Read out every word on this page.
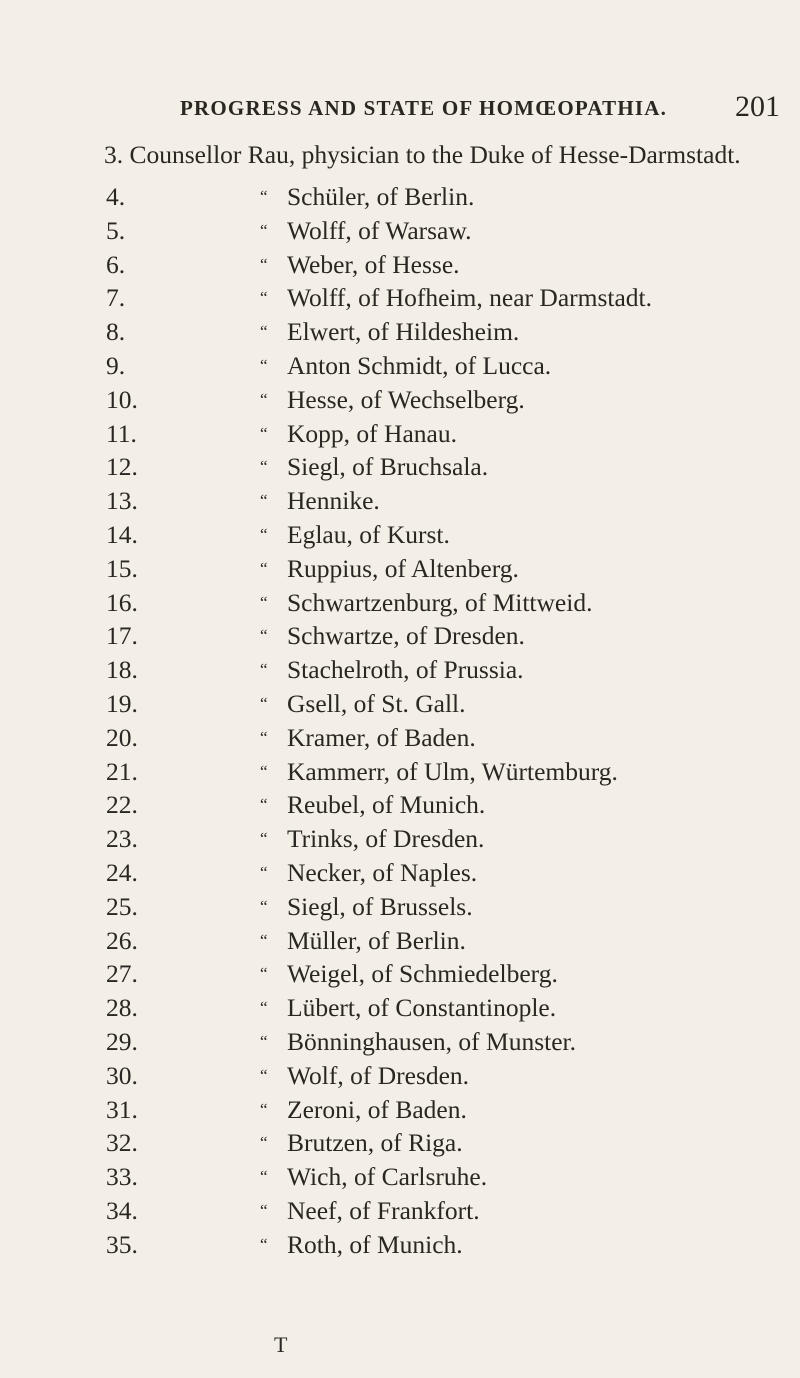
PROGRESS AND STATE OF HOMŒOPATHIA. 201
3. Counsellor Rau, physician to the Duke of Hesse-Darmstadt.
4.	“ Schüler, of Berlin.
5.	“ Wolff, of Warsaw.
6.	“ Weber, of Hesse.
7.	“ Wolff, of Hofheim, near Darmstadt.
8.	“ Elwert, of Hildesheim.
9.	“ Anton Schmidt, of Lucca.
10.	“ Hesse, of Wechselberg.
11.	“ Kopp, of Hanau.
12.	“ Siegl, of Bruchsala.
13.	“ Hennike.
14.	“ Eglau, of Kurst.
15.	“ Ruppius, of Altenberg.
16.	“ Schwartzenburg, of Mittweid.
17.	“ Schwartze, of Dresden.
18.	“ Stachelroth, of Prussia.
19.	“ Gsell, of St. Gall.
20.	“ Kramer, of Baden.
21.	“ Kammerr, of Ulm, Würtemburg.
22.	“ Reubel, of Munich.
23.	“ Trinks, of Dresden.
24.	“ Necker, of Naples.
25.	“ Siegl, of Brussels.
26.	“ Müller, of Berlin.
27.	“ Weigel, of Schmiedelberg.
28.	“ Lübert, of Constantinople.
29.	“ Bönninghausen, of Munster.
30.	“ Wolf, of Dresden.
31.	“ Zeroni, of Baden.
32.	“ Brutzen, of Riga.
33.	“ Wich, of Carlsruhe.
34.	“ Neef, of Frankfort.
35.	“ Roth, of Munich.
T
